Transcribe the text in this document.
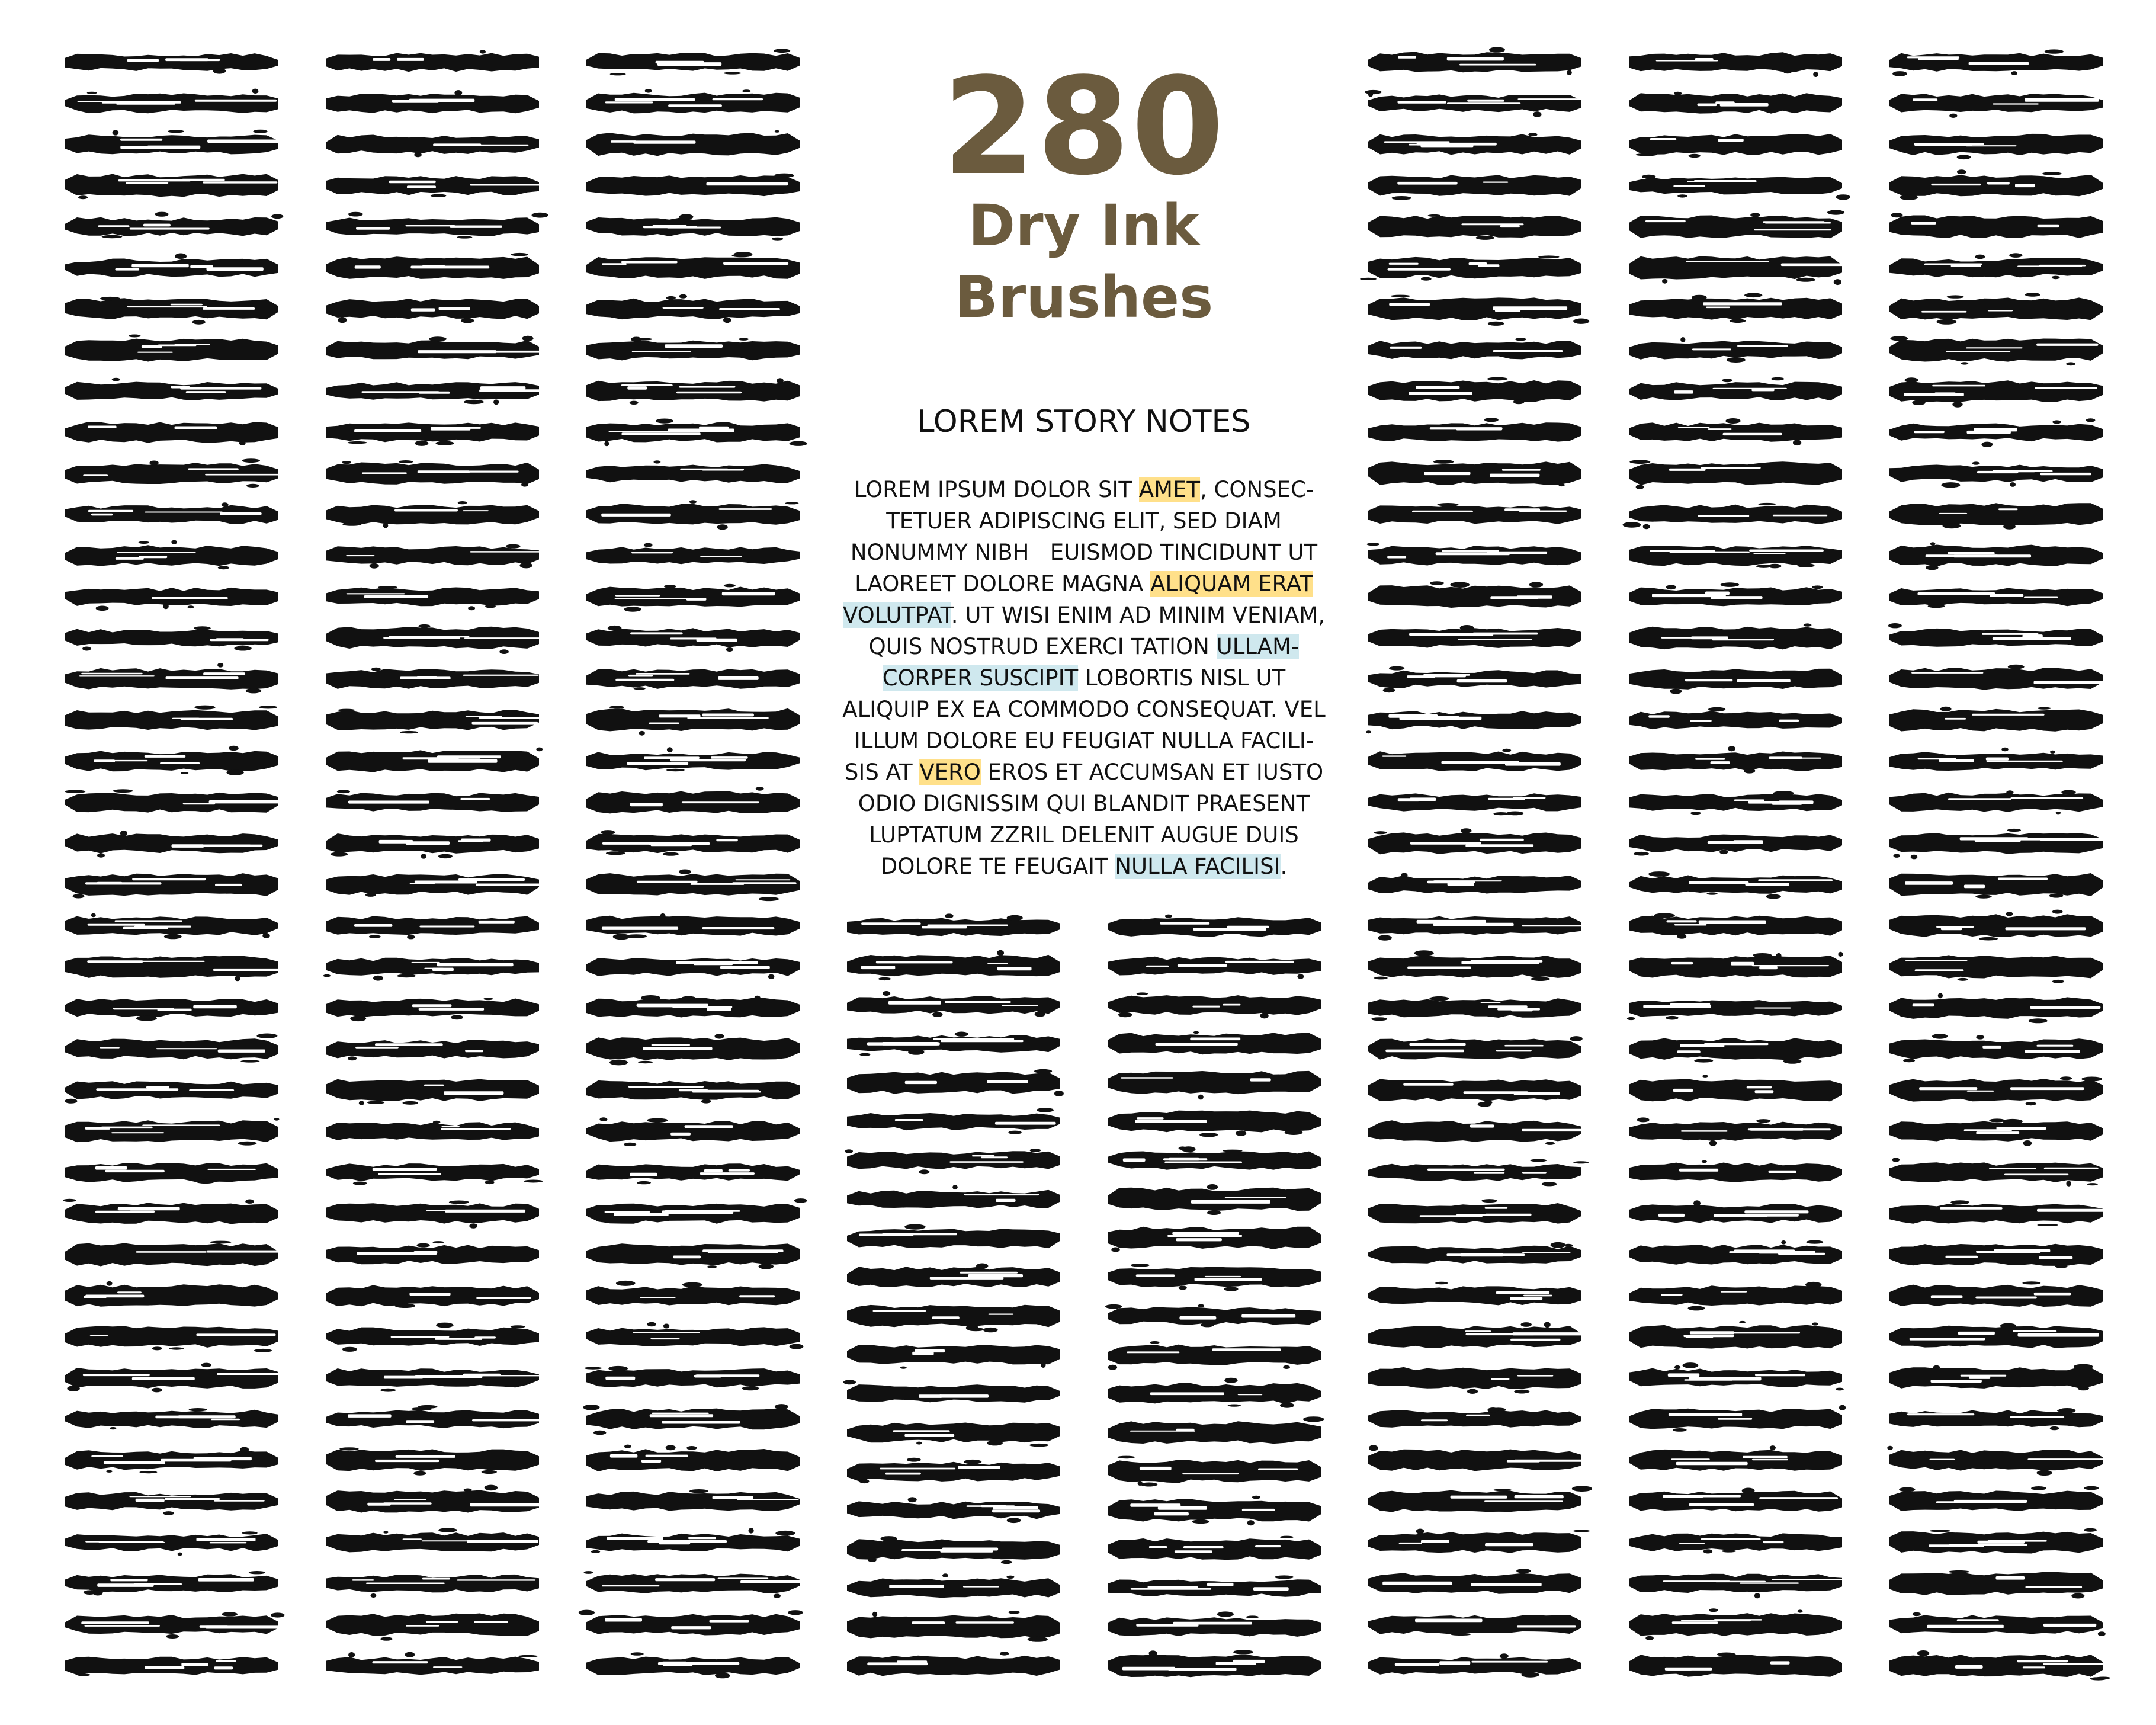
280
Dry Ink
Brushes
LOREM STORY NOTES

LOREM IPSUM DOLOR SIT AMET, CONSEC-
TETUER ADIPISCING ELIT, SED DIAM
NONUMMY NIBH   EUISMOD TINCIDUNT UT
LAOREET DOLORE MAGNA ALIQUAM ERAT
VOLUTPAT. UT WISI ENIM AD MINIM VENIAM,
QUIS NOSTRUD EXERCI TATION ULLAM-
CORPER SUSCIPIT LOBORTIS NISL UT
ALIQUIP EX EA COMMODO CONSEQUAT. VEL
ILLUM DOLORE EU FEUGIAT NULLA FACILI-
SIS AT VERO EROS ET ACCUMSAN ET IUSTO
ODIO DIGNISSIM QUI BLANDIT PRAESENT
LUPTATUM ZZRIL DELENIT AUGUE DUIS
DOLORE TE FEUGAIT NULLA FACILISI.
